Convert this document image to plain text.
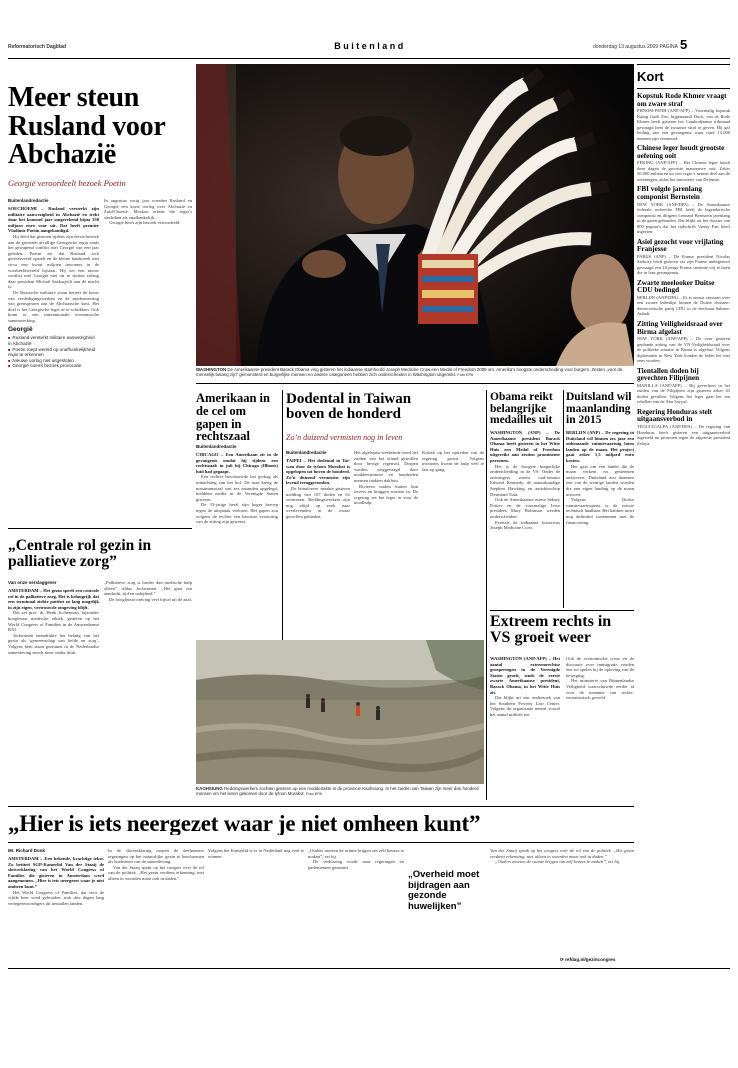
Reformatorisch Dagblad	Buitenland	donderdag 13 augustus 2009 PAGINA 5
Meer steun Rusland voor Abchazië
Georgië veroordeelt bezoek Poetin
Buitenlandredactie

SOECHOEMI – Rusland versterkt zijn militaire aanwezigheid in Abchazië en trekt daar het komend jaar omgerekend bijna 350 miljoen euro voor uit. Dat heeft premier Vladimir Poetin aangekondigd.

Hij deed dat gisteren tijdens zijn eerste bezoek aan de gewezen afvallige Georgische regio sinds het gewapend conflict met Georgië van een jaar geleden. Poetin zei dat Rusland zich gereserveerd opstelt en de kleine landstreek met circa een kwart miljoen inwoners in de voorbeeldwereld bijstaat. Hij zei een nieuw conflict met Georgië niet uit te sluiten zolang daar president Michail Saakasjvili aan de macht is.

De Russische militaire steun betreft de bouw van verdedigingswerken en de modernisering van grensposten aan de Abchazische kust. Het doel is het Georgische leger af te schrikken. Ook komt er een internationale economische samenwerking.

Georgië
■ Rusland versterkt militaire aanwezigheid in Abchazië
■ Poetin roept wereld op onafhankelijkheid regio te erkennen
■ Nieuwe oorlog niet uitgesloten
■ Georgië noemt bezoek provocatie

In augustus vorig jaar voerden Rusland en Georgië een korte oorlog over Abchazië en Zuid-Ossetië. Moskou erkent die regio’s sindsdien als onafhankelijk.

Georgië heeft zijn bezoek veroordeeld.

WASHINGTON De Amerikaanse president Barack Obama ving gisteren het indiaanse stamhoofd Joseph Medicine Crow een Medal of Freedom 2009 om. Amerika’s hoogste onderscheiding voor burgers. Zesten „voor de menselijk belang zijn” gemonsterd en burgerlijke mensen en andere categorieën hebben zich onderscheiden in Washington uitgereikt. Foto EPA
Kort
Kopstuk Rode Khmer vraagt om zware straf
PHNOM-PENH (ANP/AFP) – Voormalig kopstuk Kaing Guek Eav, bijgenaamd Duch, van de Rode Khmer heeft gisteren het Cambodjaanse tribunaal gevraagd hem de zwaarste straf te geven. Hij gaf leiding aan een gevangenis waar rond 14.000 mensen zijn vermoord.
Chinese leger houdt grootste oefening ooit
PEKING (ANP/AFP) – Het Chinese leger houdt deze dagen de grootste manoeuvre ooit. Zeker 50.000 militairen uit vier regio’s nemen deel aan de oefeningen, aldus het ministerie van Defensie.
FBI volgde jarenlang componist Bernstein
NEW YORK (ANP/DPA) – De Amerikaanse federale recherche FBI heeft de legendarische componist en dirigent Leonard Bernstein jarenlang in de gaten gehouden. Dat blijkt uit het dossier van 800 pagina’s dat het tijdschrift Vanity Fair heeft ingezien.
Asiel gezocht voor vrijlating Franjesse
PARIJS (ANP) – De Franse president Nicolas Sarkozy heeft gisteren via zijn Franse ambtgenoot gevraagd een 24-jarige Franse studente vrij te laten die in Iran gevangenzit.
Zwarte meelooker Duitse CDU bedingd
BERLIJN (ANP/DPA) – Er is onrust ontstaan over een zwarte ledenlijst binnen de Duitse christen-democratische partij CDU in de deelstaat Saksen-Anhalt.
Zitting Veiligheidsraad over Birma afgelast
NEW YORK (ANP/AFP) – De voor gisteren geplande zitting van de VN-Veiligheidsraad over de politieke situatie in Birma is afgelast. Volgens diplomaten in New York konden de leden het niet eens worden.
Tientallen doden bij gevechten Filipijnen
MANILLA (ANP/AFP) – Bij gevechten in het zuiden van de Filipijnen zijn gisteren zeker 43 doden gevallen. Volgens het leger gaat het om rebellen van de Abu Sayyaf.
Regering Honduras stelt uitgaansverbod in
TEGUCIGALPA (ANP/DPA) – De regering van Honduras heeft gisteren een uitgaansverbod ingesteld na protesten tegen de afgezette president Zelaya.
Amerikaan in de cel om gapen in rechtszaal
Buitenlandredactie

CHICAGO – Een Amerikaan zit in de gevangenis omdat hij tijdens een rechtszaak in juli bij Chicago (Illinois) luid had gegaapt.

Een rechter beschouwde het gedrag als minachting van het hof. De man kreeg de maximumstraf van zes maanden opgelegd, meldden media in de Verenigde Staten gisteren.

De 33-jarige heeft zijn hoger beroep tegen de uitspraak verloren. Het gapen zou volgens de rechter een bewuste verstoring van de zitting zijn geweest.

Dodental in Taiwan boven de honderd
Zo’n duizend vermisten nog in leven
Buitenlandredactie

TAIPEI – Het dodental in Taiwan door de tyfoon Morakot is opgelopen tot boven de honderd. Zo’n duizend vermisten zijn levend teruggevonden.

De bonafoever maakte gisteren melding van 107 doden en 61 vermisten. Reddingswerkers zijn nog altijd op zoek naar overlevenden in de zwaar getroffen gebieden.

Het afgelopen weekeinde werd het zuiden van het eiland getroffen door hevige regenval. Dorpen werden weggevaagd door modderstromen en honderden mensen raakten dakloos.

Rivieren traden buiten hun oevers en bruggen stortten in. De regering zet het leger in voor de noodhulp.

Kritiek op het optreden van de regering groeit. Volgens inwoners kwam de hulp veel te laat op gang.

KAOHSIUNG Reddingswerkers zochten gisteren op een modderlakte in de provincie Kaohsiung. In het zuiden van Taiwan zijn meer dan honderd mensen om het leven gekomen door de tyfoon Morakot. Foto EPA
Obama reikt belangrijke medailles uit

WASHINGTON (ANP) – De Amerikaanse president Barack Obama heeft gisteren in het Witte Huis een Medal of Freedom uitgereikt aan zestien prominente personen.

Het is de hoogste burgerlijke onderscheiding in de VS. Onder de ontvangers waren oud-senator Edward Kennedy, de natuurkundige Stephen Hawking en aartsbisschop Desmond Tutu.

Ook de Amerikaanse acteur Sidney Poitier en de voormalige Ierse president Mary Robinson werden onderscheiden.

Evenals de indiaanse historicus Joseph Medicine Crow.

Duitsland wil maanlanding in 2015

BERLIJN (ANP) – De regering in Duitsland wil binnen zes jaar een onbemande ruimtevaartuig laten landen op de maan. Het project gaat zeker 1,5 miljard euro kosten.

Het gaat om een lander die de maan verkent en gesteenten analyseert. Duitsland zou daarmee een van de weinige landen worden die een eigen landing op de maan uitvoert.

Volgens Duitse ruimtevaartexperts is de missie technisch haalbaar. Het kabinet moet nog definitief instemmen met de financiering.

Extreem rechts in VS groeit weer

WASHINGTON (ANP/AFP) – Het aantal extreemrechtse groeperingen in de Verenigde Staten groeit, sinds de eerste zwarte Amerikaanse president, Barack Obama, in het Witte Huis zit.

Dat blijkt uit een onderzoek van het Southern Poverty Law Center. Volgens de organisatie neemt vooral het aantal milities toe.

Ook de economische crisis en de discussie over immigratie zouden een rol spelen bij de opleving van de beweging.

Het ministerie van Binnenlandse Veiligheid waarschuwde eerder al voor de toename van rechts-extremistisch geweld.

„Centrale rol gezin in palliatieve zorg”
Van onze verslaggever

AMSTERDAM – Het gezin speelt een centrale rol in de palliatieve zorg. Het is belangrijk dat een terminaal ziekte patiënt zo lang mogelijk in zijn eigen, vertrouwde omgeving blijft.

Dat zei prof. dr. Henk Jochemsen, bijzonder hoogleraar medische ethiek, gisteren op het World Congress of Families in de Amsterdamse RAI.

Jochemsen benadrukte het belang van het gezin als ‘gemeenschap van liefde en zorg’. Volgens hem staan gezinnen in de Nederlandse samenleving steeds meer onder druk.

„Palliatieve zorg is breder dan medische hulp alleen”, aldus Jochemsen. „Het gaat om aandacht, tijd en nabijheid.”

De hoogleraar ontving veel bijval uit de zaal.

„Hier is iets neergezet waar je niet omheen kunt”
Mr. Richard Donk

AMSTERDAM – Een bekende, krachtige tekst. Zo betiteit SGP-Kamerlid Van der Staaij de slotverklaring van het World Congress of Families die gisteren in Amsterdam werd aangenomen. „Hier is iets neergezet waar je niet omheen kunt.”

Het World Congress of Families, dat voor de vijfde keer werd gehouden, trok drie dagen lang vertegenwoordigers uit tientallen landen.

In de slotverklaring roepen de deelnemers regeringen op het natuurlijke gezin te beschermen als hoeksteen van de samenleving.

Van der Staaij sprak op het congres over de rol van de politiek. „Het gezin verdient erkenning, niet alleen in woorden maar ook in daden.”

Volgens het Kamerlid is er in Nederland nog veel te winnen.

„Ouders moeten de ruimte krijgen om zelf keuzes te maken”, zei hij.

De verklaring wordt naar regeringen en parlementen gestuurd.

„Overheid moet bijdragen aan gezonde huwelijken”

Van der Staaij sprak op het congres over de rol van de politiek. „Het gezin verdient erkenning, niet alleen in woorden maar ook in daden.”

„Ouders moeten de ruimte krijgen om zelf keuzes te maken”, zei hij.

⟳ refdag.nl/gezincongres
